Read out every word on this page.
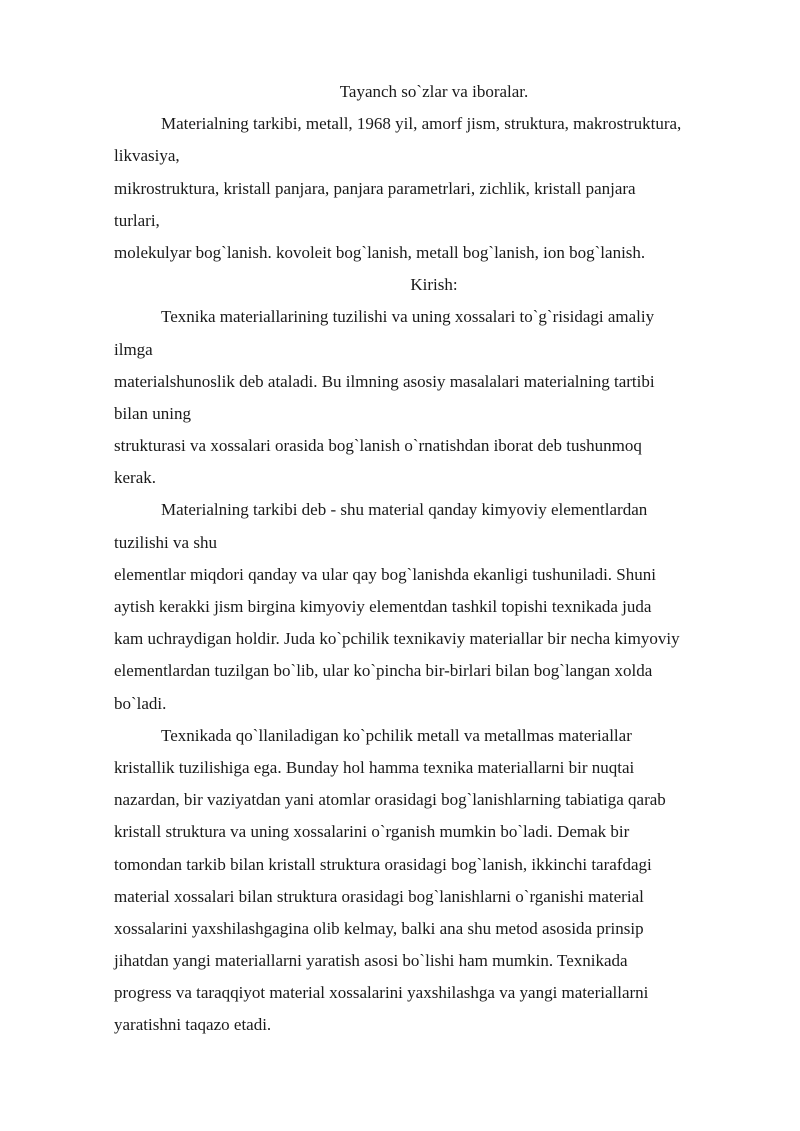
Tayanch so`zlar va iboralar.
Materialning tarkibi, metall, 1968 yil, amorf jism, struktura, makrostruktura,
likvasiya,
mikrostruktura, kristall panjara, panjara parametrlari, zichlik, kristall panjara
turlari,
molekulyar bog`lanish. kovoleit bog`lanish, metall bog`lanish, ion bog`lanish.
Kirish:
Texnika materiallarining tuzilishi va uning xossalari to`g`risidagi amaliy
ilmga
materialshunoslik deb ataladi. Bu ilmning asosiy masalalari materialning tartibi
bilan uning
strukturasi va xossalari orasida bog`lanish o`rnatishdan iborat deb tushunmoq
kerak.
Materialning tarkibi deb - shu material qanday kimyoviy elementlardan
tuzilishi va shu
elementlar miqdori qanday va ular qay bog`lanishda ekanligi tushuniladi. Shuni
aytish kerakki jism birgina kimyoviy elementdan tashkil topishi texnikada juda
kam uchraydigan holdir. Juda ko`pchilik texnikaviy materiallar bir necha kimyoviy
elementlardan tuzilgan bo`lib, ular ko`pincha bir-birlari bilan bog`langan xolda
bo`ladi.
Texnikada qo`llaniladigan ko`pchilik metall va metallmas materiallar
kristallik tuzilishiga ega. Bunday hol hamma texnika materiallarni bir nuqtai
nazardan, bir vaziyatdan yani atomlar orasidagi bog`lanishlarning tabiatiga qarab
kristall struktura va uning xossalarini o`rganish mumkin bo`ladi. Demak bir
tomondan tarkib bilan kristall struktura orasidagi bog`lanish, ikkinchi tarafdagi
material xossalari bilan struktura orasidagi bog`lanishlarni o`rganishi material
xossalarini yaxshilashgagina olib kelmay, balki ana shu metod asosida prinsip
jihatdan yangi materiallarni yaratish asosi bo`lishi ham mumkin. Texnikada
progress va taraqqiyot material xossalarini yaxshilashga va yangi materiallarni
yaratishni taqazo etadi.
